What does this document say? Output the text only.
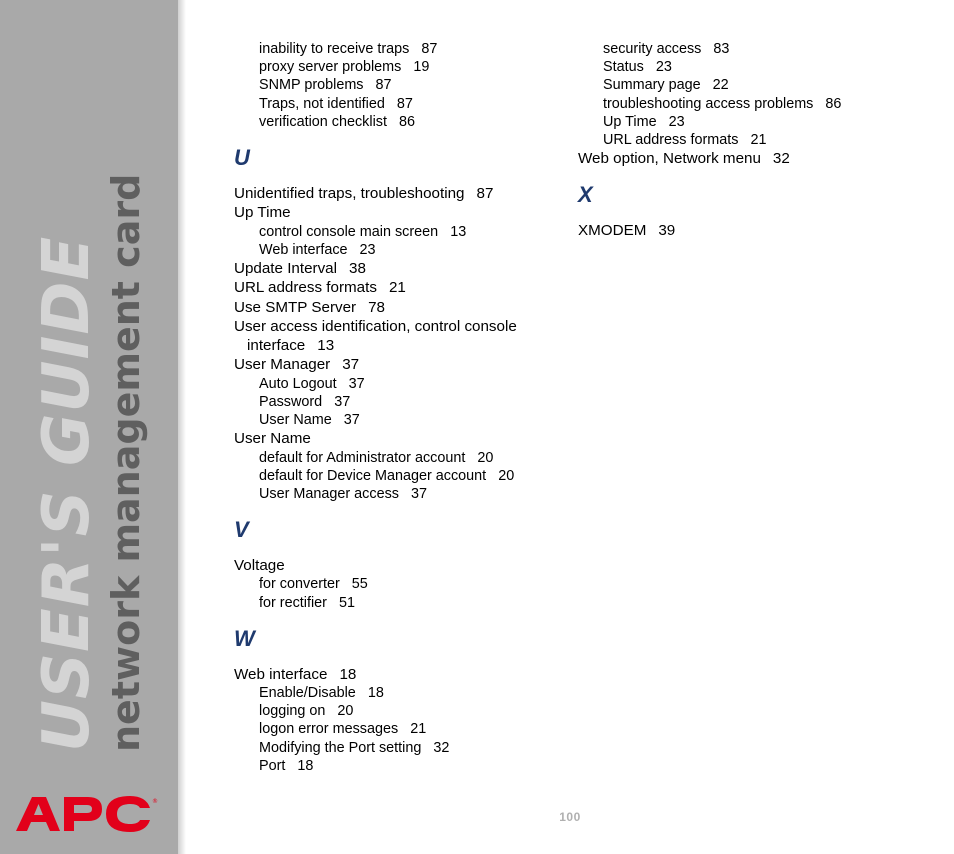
USER'S GUIDE network management card
®
inability to receive traps 87
proxy server problems 19
SNMP problems 87
Traps, not identified 87
verification checklist 86
U
Unidentified traps, troubleshooting 87
Up Time
control console main screen 13
Web interface 23
Update Interval 38
URL address formats 21
Use SMTP Server 78
User access identification, control console
interface 13
User Manager 37
Auto Logout 37
Password 37
User Name 37
User Name
default for Administrator account 20
default for Device Manager account 20
User Manager access 37
V
Voltage
for converter 55
for rectifier 51
W
Web interface 18
Enable/Disable 18
logging on 20
logon error messages 21
Modifying the Port setting 32
Port 18
security access 83
Status 23
Summary page 22
troubleshooting access problems 86
Up Time 23
URL address formats 21
Web option, Network menu 32
X
XMODEM 39
100
